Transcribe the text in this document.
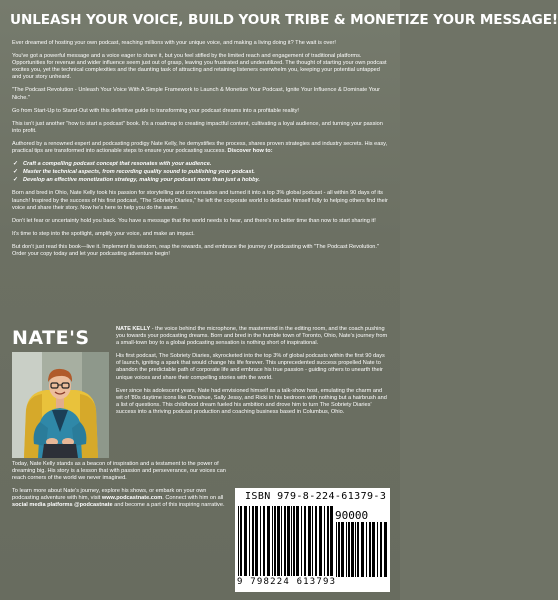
UNLEASH YOUR VOICE, BUILD YOUR TRIBE & MONETIZE YOUR MESSAGE!

Ever dreamed of hosting your own podcast, reaching millions with your unique voice, and making a living doing it? The wait is over!

You've got a powerful message and a voice eager to share it, but you feel stifled by the limited reach and engagement of traditional platforms. Opportunities for revenue and wider influence seem just out of grasp, leaving you frustrated and underutilized. The thought of starting your own podcast excites you, yet the technical complexities and the daunting task of attracting and retaining listeners overwhelm you, keeping your potential untapped and your story unheard.

"The Podcast Revolution - Unleash Your Voice With A Simple Framework to Launch & Monetize Your Podcast, Ignite Your Influence & Dominate Your Niche."

Go from Start-Up to Stand-Out with this definitive guide to transforming your podcast dreams into a profitable reality!

This isn't just another "how to start a podcast" book. It's a roadmap to creating impactful content, cultivating a loyal audience, and turning your passion into profit.

Authored by a renowned expert and podcasting prodigy Nate Kelly, he demystifies the process, shares proven strategies and industry secrets. His easy, practical tips are transformed into actionable steps to ensure your podcasting success. Discover how to:

✓ Craft a compelling podcast concept that resonates with your audience.
✓ Master the technical aspects, from recording quality sound to publishing your podcast.
✓ Develop an effective monetization strategy, making your podcast more than just a hobby.

Born and bred in Ohio, Nate Kelly took his passion for storytelling and conversation and turned it into a top 3% global podcast - all within 90 days of its launch! Inspired by the success of his first podcast, "The Sobriety Diaries," he left the corporate world to dedicate himself fully to helping others find their voice and share their story. Now he's here to help you do the same.

Don't let fear or uncertainty hold you back. You have a message that the world needs to hear, and there's no better time than now to start sharing it!

It's time to step into the spotlight, amplify your voice, and make an impact.

But don't just read this book—live it. Implement its wisdom, reap the rewards, and embrace the journey of podcasting with "The Podcast Revolution." Order your copy today and let your podcasting adventure begin!

NATE'S	NATE KELLY - the voice behind the microphone, the mastermind in the editing room, and the coach pushing you towards your podcasting dreams. Born and bred in the humble town of Toronto, Ohio, Nate's journey from a small-town boy to a global podcasting sensation is nothing short of inspirational.

His first podcast, The Sobriety Diaries, skyrocketed into the top 3% of global podcasts within the first 90 days of launch, igniting a spark that would change his life forever. This unprecedented success propelled Nate to abandon the predictable path of corporate life and embrace his true passion - guiding others to unearth their unique voices and share their compelling stories with the world.

Ever since his adolescent years, Nate had envisioned himself as a talk-show host, emulating the charm and wit of '80s daytime icons like Donahue, Sally Jessy, and Ricki in his bedroom with nothing but a hairbrush and a list of questions. This childhood dream fueled his ambition and drove him to turn The Sobriety Diaries' success into a thriving podcast production and coaching business based in Columbus, Ohio.

Today, Nate Kelly stands as a beacon of inspiration and a testament to the power of dreaming big. His story is a lesson that with passion and perseverance, our voices can reach corners of the world we never imagined.

To learn more about Nate's journey, explore his shows, or embark on your own podcasting adventure with him, visit www.podcastnate.com. Connect with him on all social media platforms @podcastnate and become a part of this inspiring narrative.

ISBN 979-8-224-61379-3
90000
9 798224 613793
